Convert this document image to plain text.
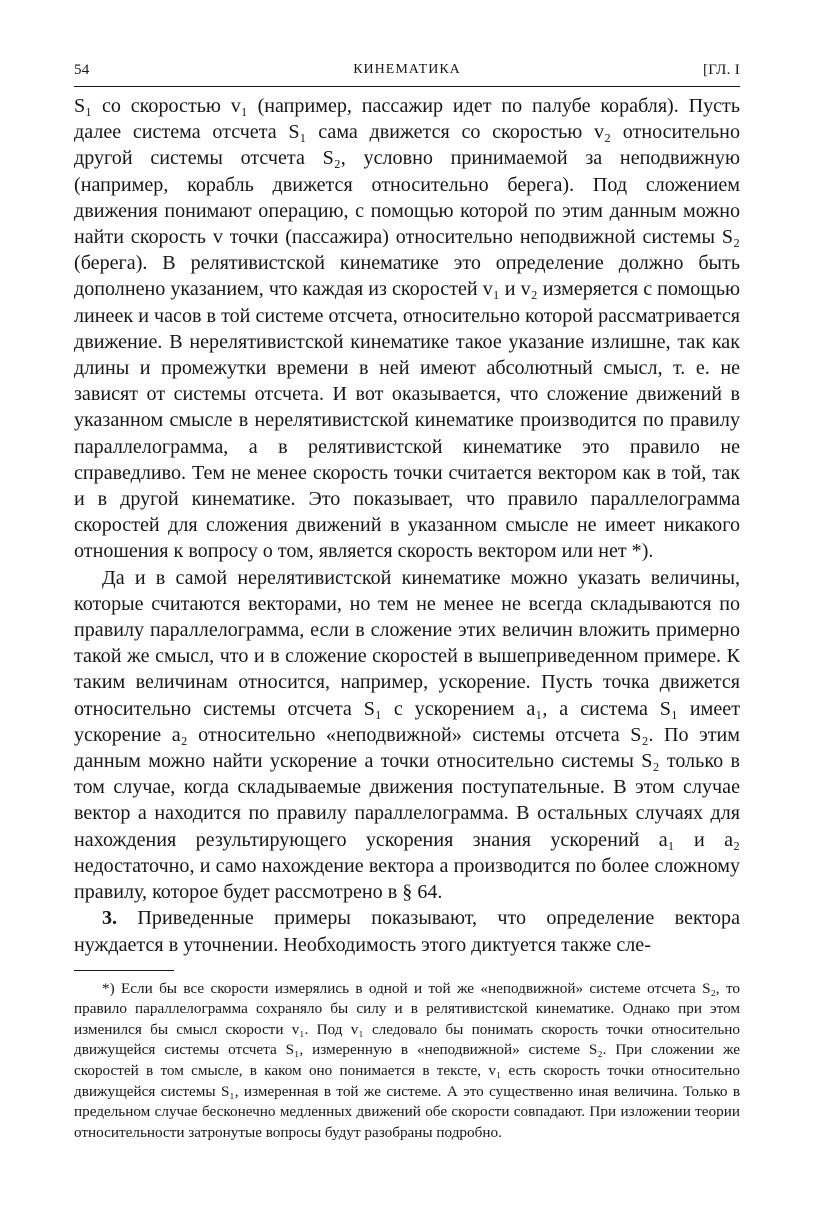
54	КИНЕМАТИКА	[ГЛ. I

S₁ со скоростью v₁ (например, пассажир идет по палубе корабля). Пусть далее система отсчета S₁ сама движется со скоростью v₂ относительно другой системы отсчета S₂, условно принимаемой за неподвижную (например, корабль движется относительно берега). Под сложением движения понимают операцию, с помощью которой по этим данным можно найти скорость v точки (пассажира) относительно неподвижной системы S₂ (берега). В релятивистской кинематике это определение должно быть дополнено указанием, что каждая из скоростей v₁ и v₂ измеряется с помощью линеек и часов в той системе отсчета, относительно которой рассматривается движение. В нерелятивистской кинематике такое указание излишне, так как длины и промежутки времени в ней имеют абсолютный смысл, т. е. не зависят от системы отсчета. И вот оказывается, что сложение движений в указанном смысле в нерелятивистской кинематике производится по правилу параллелограмма, а в релятивистской кинематике это правило не справедливо. Тем не менее скорость точки считается вектором как в той, так и в другой кинематике. Это показывает, что правило параллелограмма скоростей для сложения движений в указанном смысле не имеет никакого отношения к вопросу о том, является скорость вектором или нет *).

Да и в самой нерелятивистской кинематике можно указать величины, которые считаются векторами, но тем не менее не всегда складываются по правилу параллелограмма, если в сложение этих величин вложить примерно такой же смысл, что и в сложение скоростей в вышеприведенном примере. К таким величинам относится, например, ускорение. Пусть точка движется относительно системы отсчета S₁ с ускорением a₁, а система S₁ имеет ускорение a₂ относительно «неподвижной» системы отсчета S₂. По этим данным можно найти ускорение a точки относительно системы S₂ только в том случае, когда складываемые движения поступательные. В этом случае вектор a находится по правилу параллелограмма. В остальных случаях для нахождения результирующего ускорения знания ускорений a₁ и a₂ недостаточно, и само нахождение вектора a производится по более сложному правилу, которое будет рассмотрено в § 64.

3. Приведенные примеры показывают, что определение вектора нуждается в уточнении. Необходимость этого диктуется также сле-

*) Если бы все скорости измерялись в одной и той же «неподвижной» системе отсчета S₂, то правило параллелограмма сохраняло бы силу и в релятивистской кинематике. Однако при этом изменился бы смысл скорости v₁. Под v₁ следовало бы понимать скорость точки относительно движущейся системы отсчета S₁, измеренную в «неподвижной» системе S₂. При сложении же скоростей в том смысле, в каком оно понимается в тексте, v₁ есть скорость точки относительно движущейся системы S₁, измеренная в той же системе. А это существенно иная величина. Только в предельном случае бесконечно медленных движений обе скорости совпадают. При изложении теории относительности затронутые вопросы будут разобраны подробно.
